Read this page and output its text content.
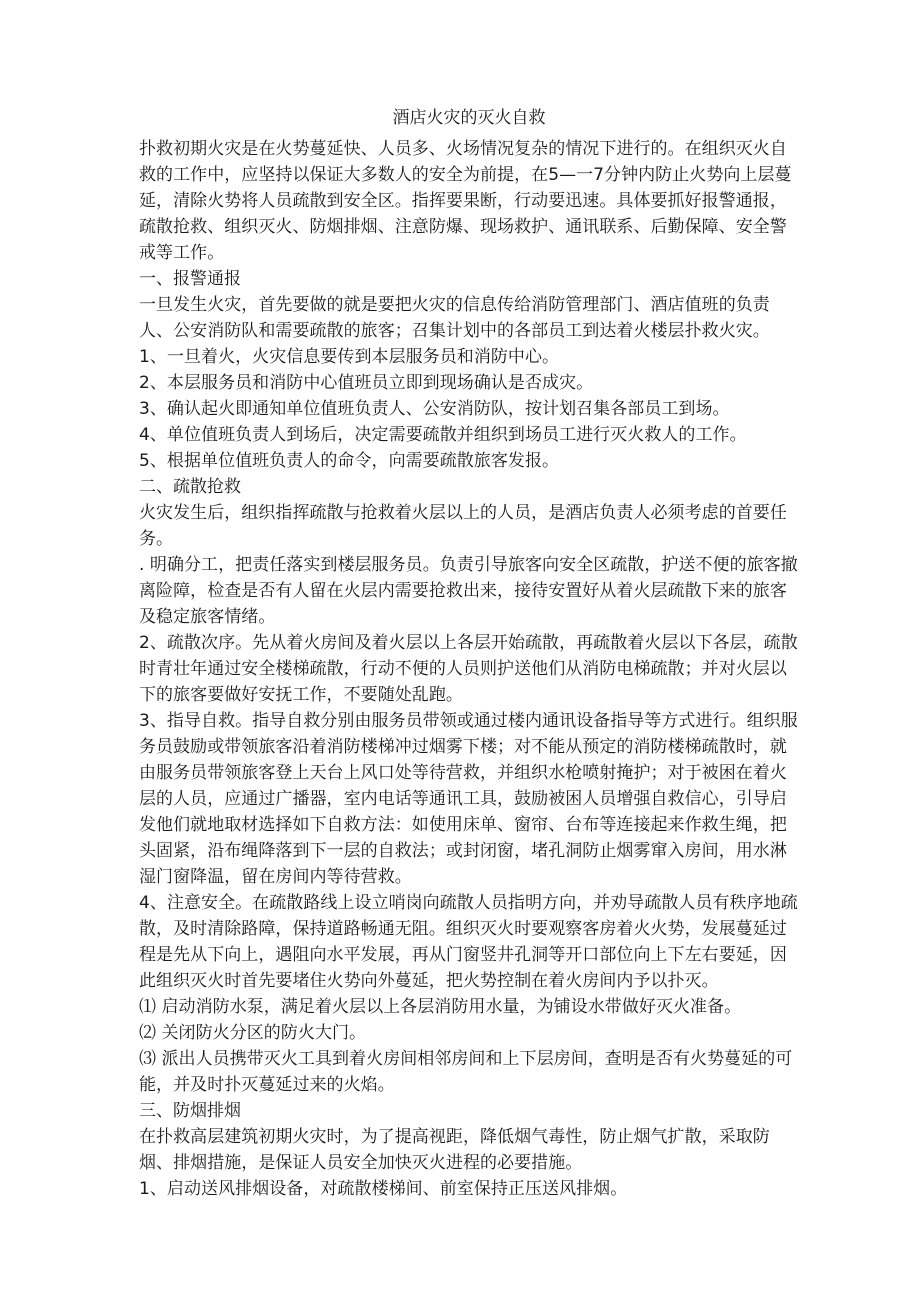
酒店火灾的灭火自救

扑救初期火灾是在火势蔓延快、人员多、火场情况复杂的情况下进行的。在组织灭火自救的工作中，应坚持以保证大多数人的安全为前提，在5—一7分钟内防止火势向上层蔓延，清除火势将人员疏散到安全区。指挥要果断，行动要迅速。具体要抓好报警通报，疏散抢救、组织灭火、防烟排烟、注意防爆、现场救护、通讯联系、后勤保障、安全警戒等工作。

一、报警通报

一旦发生火灾，首先要做的就是要把火灾的信息传给消防管理部门、酒店值班的负责人、公安消防队和需要疏散的旅客；召集计划中的各部员工到达着火楼层扑救火灾。

1、一旦着火，火灾信息要传到本层服务员和消防中心。

2、本层服务员和消防中心值班员立即到现场确认是否成灾。

3、确认起火即通知单位值班负责人、公安消防队，按计划召集各部员工到场。

4、单位值班负责人到场后，决定需要疏散并组织到场员工进行灭火救人的工作。

5、根据单位值班负责人的命令，向需要疏散旅客发报。

二、疏散抢救

火灾发生后，组织指挥疏散与抢救着火层以上的人员，是酒店负责人必须考虑的首要任务。

. 明确分工，把责任落实到楼层服务员。负责引导旅客向安全区疏散，护送不便的旅客撤离险障，检查是否有人留在火层内需要抢救出来，接待安置好从着火层疏散下来的旅客及稳定旅客情绪。

2、疏散次序。先从着火房间及着火层以上各层开始疏散，再疏散着火层以下各层，疏散时青壮年通过安全楼梯疏散，行动不便的人员则护送他们从消防电梯疏散；并对火层以下的旅客要做好安抚工作，不要随处乱跑。

3、指导自救。指导自救分别由服务员带领或通过楼内通讯设备指导等方式进行。组织服务员鼓励或带领旅客沿着消防楼梯冲过烟雾下楼；对不能从预定的消防楼梯疏散时，就由服务员带领旅客登上天台上风口处等待营救，并组织水枪喷射掩护；对于被困在着火层的人员，应通过广播器，室内电话等通讯工具，鼓励被困人员增强自救信心，引导启发他们就地取材选择如下自救方法：如使用床单、窗帘、台布等连接起来作救生绳，把头固紧，沿布绳降落到下一层的自救法；或封闭窗，堵孔洞防止烟雾窜入房间，用水淋湿门窗降温，留在房间内等待营救。

4、注意安全。在疏散路线上设立哨岗向疏散人员指明方向，并劝导疏散人员有秩序地疏散，及时清除路障，保持道路畅通无阻。组织灭火时要观察客房着火火势，发展蔓延过程是先从下向上，遇阻向水平发展，再从门窗竖井孔洞等开口部位向上下左右要延，因此组织灭火时首先要堵住火势向外蔓延，把火势控制在着火房间内予以扑灭。

⑴ 启动消防水泵，满足着火层以上各层消防用水量，为铺设水带做好灭火准备。

⑵ 关闭防火分区的防火大门。

⑶ 派出人员携带灭火工具到着火房间相邻房间和上下层房间，查明是否有火势蔓延的可能，并及时扑灭蔓延过来的火焰。

三、防烟排烟

在扑救高层建筑初期火灾时，为了提高视距，降低烟气毒性，防止烟气扩散，采取防烟、排烟措施，是保证人员安全加快灭火进程的必要措施。

1、启动送风排烟设备，对疏散楼梯间、前室保持正压送风排烟。
